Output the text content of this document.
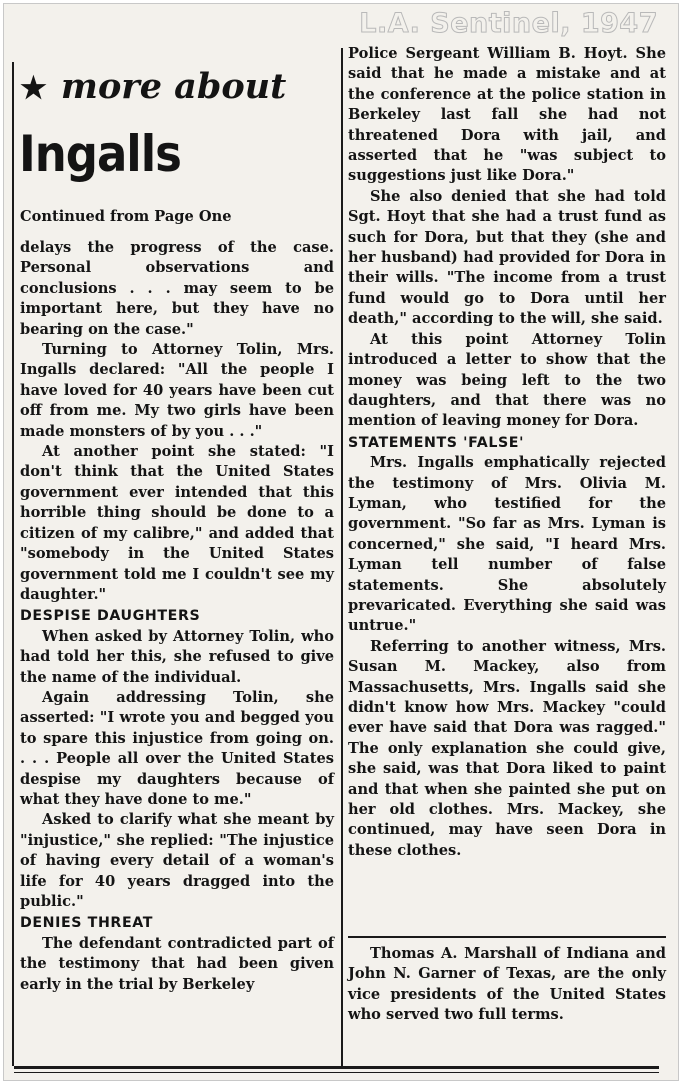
L.A. Sentinel, 1947
★ more about
Ingalls
Continued from Page One

delays the progress of the case. Personal observations and conclusions . . . may seem to be important here, but they have no bearing on the case."

Turning to Attorney Tolin, Mrs. Ingalls declared: "All the people I have loved for 40 years have been cut off from me. My two girls have been made monsters of by you . . ."

At another point she stated: "I don't think that the United States government ever intended that this horrible thing should be done to a citizen of my calibre," and added that "somebody in the United States government told me I couldn't see my daughter."

DESPISE DAUGHTERS

When asked by Attorney Tolin, who had told her this, she refused to give the name of the individual.

Again addressing Tolin, she asserted: "I wrote you and begged you to spare this injustice from going on. . . . People all over the United States despise my daughters because of what they have done to me."

Asked to clarify what she meant by "injustice," she replied: "The injustice of having every detail of a woman's life for 40 years dragged into the public."

DENIES THREAT

The defendant contradicted part of the testimony that had been given early in the trial by Berkeley

Police Sergeant William B. Hoyt. She said that he made a mistake and at the conference at the police station in Berkeley last fall she had not threatened Dora with jail, and asserted that he "was subject to suggestions just like Dora."

She also denied that she had told Sgt. Hoyt that she had a trust fund as such for Dora, but that they (she and her husband) had provided for Dora in their wills. "The income from a trust fund would go to Dora until her death," according to the will, she said.

At this point Attorney Tolin introduced a letter to show that the money was being left to the two daughters, and that there was no mention of leaving money for Dora.

STATEMENTS 'FALSE'

Mrs. Ingalls emphatically rejected the testimony of Mrs. Olivia M. Lyman, who testified for the government. "So far as Mrs. Lyman is concerned," she said, "I heard Mrs. Lyman tell number of false statements. She absolutely prevaricated. Everything she said was untrue."

Referring to another witness, Mrs. Susan M. Mackey, also from Massachusetts, Mrs. Ingalls said she didn't know how Mrs. Mackey "could ever have said that Dora was ragged." The only explanation she could give, she said, was that Dora liked to paint and that when she painted she put on her old clothes. Mrs. Mackey, she continued, may have seen Dora in these clothes.

Thomas A. Marshall of Indiana and John N. Garner of Texas, are the only vice presidents of the United States who served two full terms.
